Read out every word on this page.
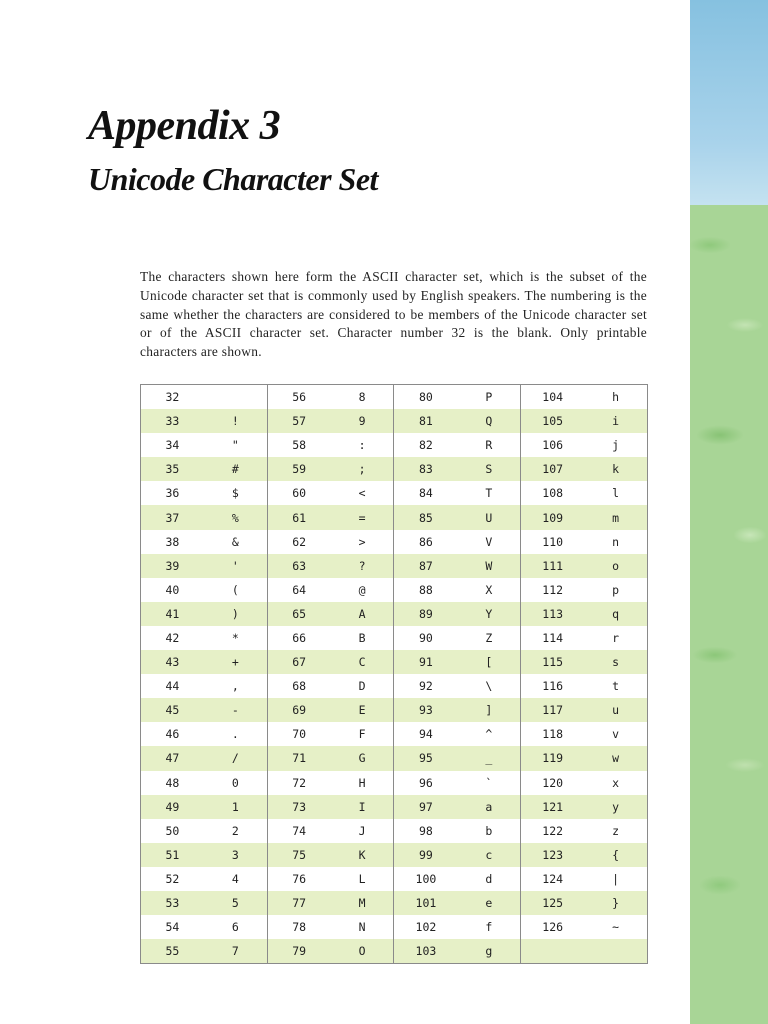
Appendix 3
Unicode Character Set

The characters shown here form the ASCII character set, which is the subset of the Unicode character set that is commonly used by English speakers. The numbering is the same whether the characters are considered to be members of the Unicode character set or of the ASCII character set. Character number 32 is the blank. Only printable characters are shown.

32		56	8	80	P	104	h
33	!	57	9	81	Q	105	i
34	"	58	:	82	R	106	j
35	#	59	;	83	S	107	k
36	$	60	<	84	T	108	l
37	%	61	=	85	U	109	m
38	&	62	>	86	V	110	n
39	'	63	?	87	W	111	o
40	(	64	@	88	X	112	p
41	)	65	A	89	Y	113	q
42	*	66	B	90	Z	114	r
43	+	67	C	91	[	115	s
44	,	68	D	92	\	116	t
45	-	69	E	93	]	117	u
46	.	70	F	94	^	118	v
47	/	71	G	95	_	119	w
48	0	72	H	96	`	120	x
49	1	73	I	97	a	121	y
50	2	74	J	98	b	122	z
51	3	75	K	99	c	123	{
52	4	76	L	100	d	124	|
53	5	77	M	101	e	125	}
54	6	78	N	102	f	126	~
55	7	79	O	103	g		
